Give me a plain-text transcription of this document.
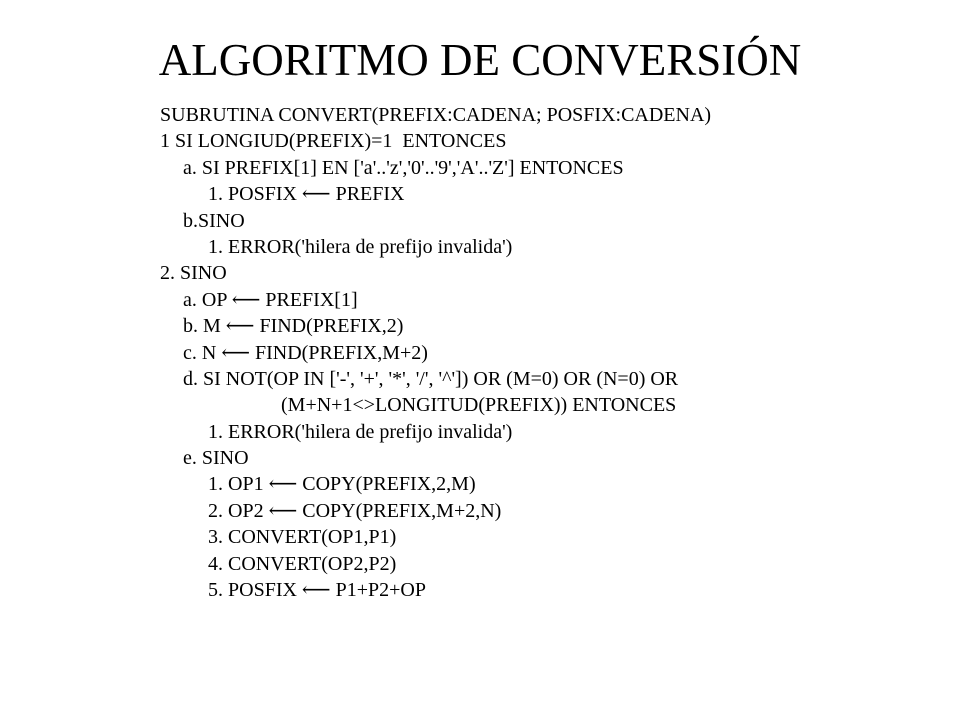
ALGORITMO DE CONVERSIÓN
SUBRUTINA CONVERT(PREFIX:CADENA; POSFIX:CADENA)
1 SI LONGIUD(PREFIX)=1  ENTONCES
a. SI PREFIX[1] EN ['a'..'z','0'..'9','A'..'Z'] ENTONCES
1. POSFIX ⟵ PREFIX
b.SINO
1. ERROR('hilera de prefijo invalida')
2. SINO
a. OP ⟵ PREFIX[1]
b. M ⟵ FIND(PREFIX,2)
c. N ⟵ FIND(PREFIX,M+2)
d. SI NOT(OP IN ['-', '+', '*', '/', '^']) OR (M=0) OR (N=0) OR
(M+N+1<>LONGITUD(PREFIX)) ENTONCES
1. ERROR('hilera de prefijo invalida')
e. SINO
1. OP1 ⟵ COPY(PREFIX,2,M)
2. OP2 ⟵ COPY(PREFIX,M+2,N)
3. CONVERT(OP1,P1)
4. CONVERT(OP2,P2)
5. POSFIX ⟵ P1+P2+OP
